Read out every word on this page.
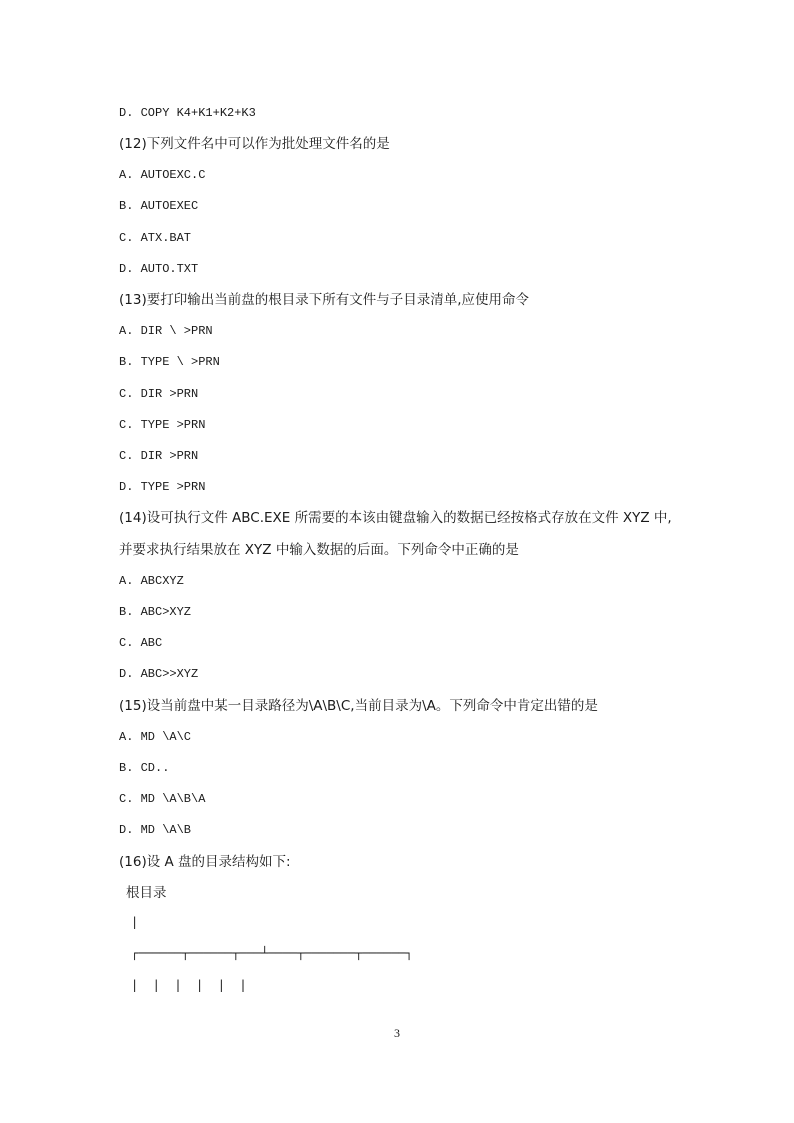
D. COPY K4+K1+K2+K3
(12)下列文件名中可以作为批处理文件名的是
A. AUTOEXC.C
B. AUTOEXEC
C. ATX.BAT
D. AUTO.TXT
(13)要打印输出当前盘的根目录下所有文件与子目录清单,应使用命令
A. DIR \ >PRN
B. TYPE \ >PRN
C. DIR >PRN
C. TYPE >PRN
C. DIR >PRN
D. TYPE >PRN
(14)设可执行文件 ABC.EXE 所需要的本该由键盘输入的数据已经按格式存放在文件 XYZ 中,
并要求执行结果放在 XYZ 中输入数据的后面。下列命令中正确的是
A. ABCXYZ
B. ABC>XYZ
C. ABC
D. ABC>>XYZ
(15)设当前盘中某一目录路径为\A\B\C,当前目录为\A。下列命令中肯定出错的是
A. MD \A\C
B. CD..
C. MD \A\B\A
D. MD \A\B
(16)设 A 盘的目录结构如下:
根目录
|
┌──────┬──────┬───┴────┬───────┬──────┐
|  |  |  |  |  |
3
